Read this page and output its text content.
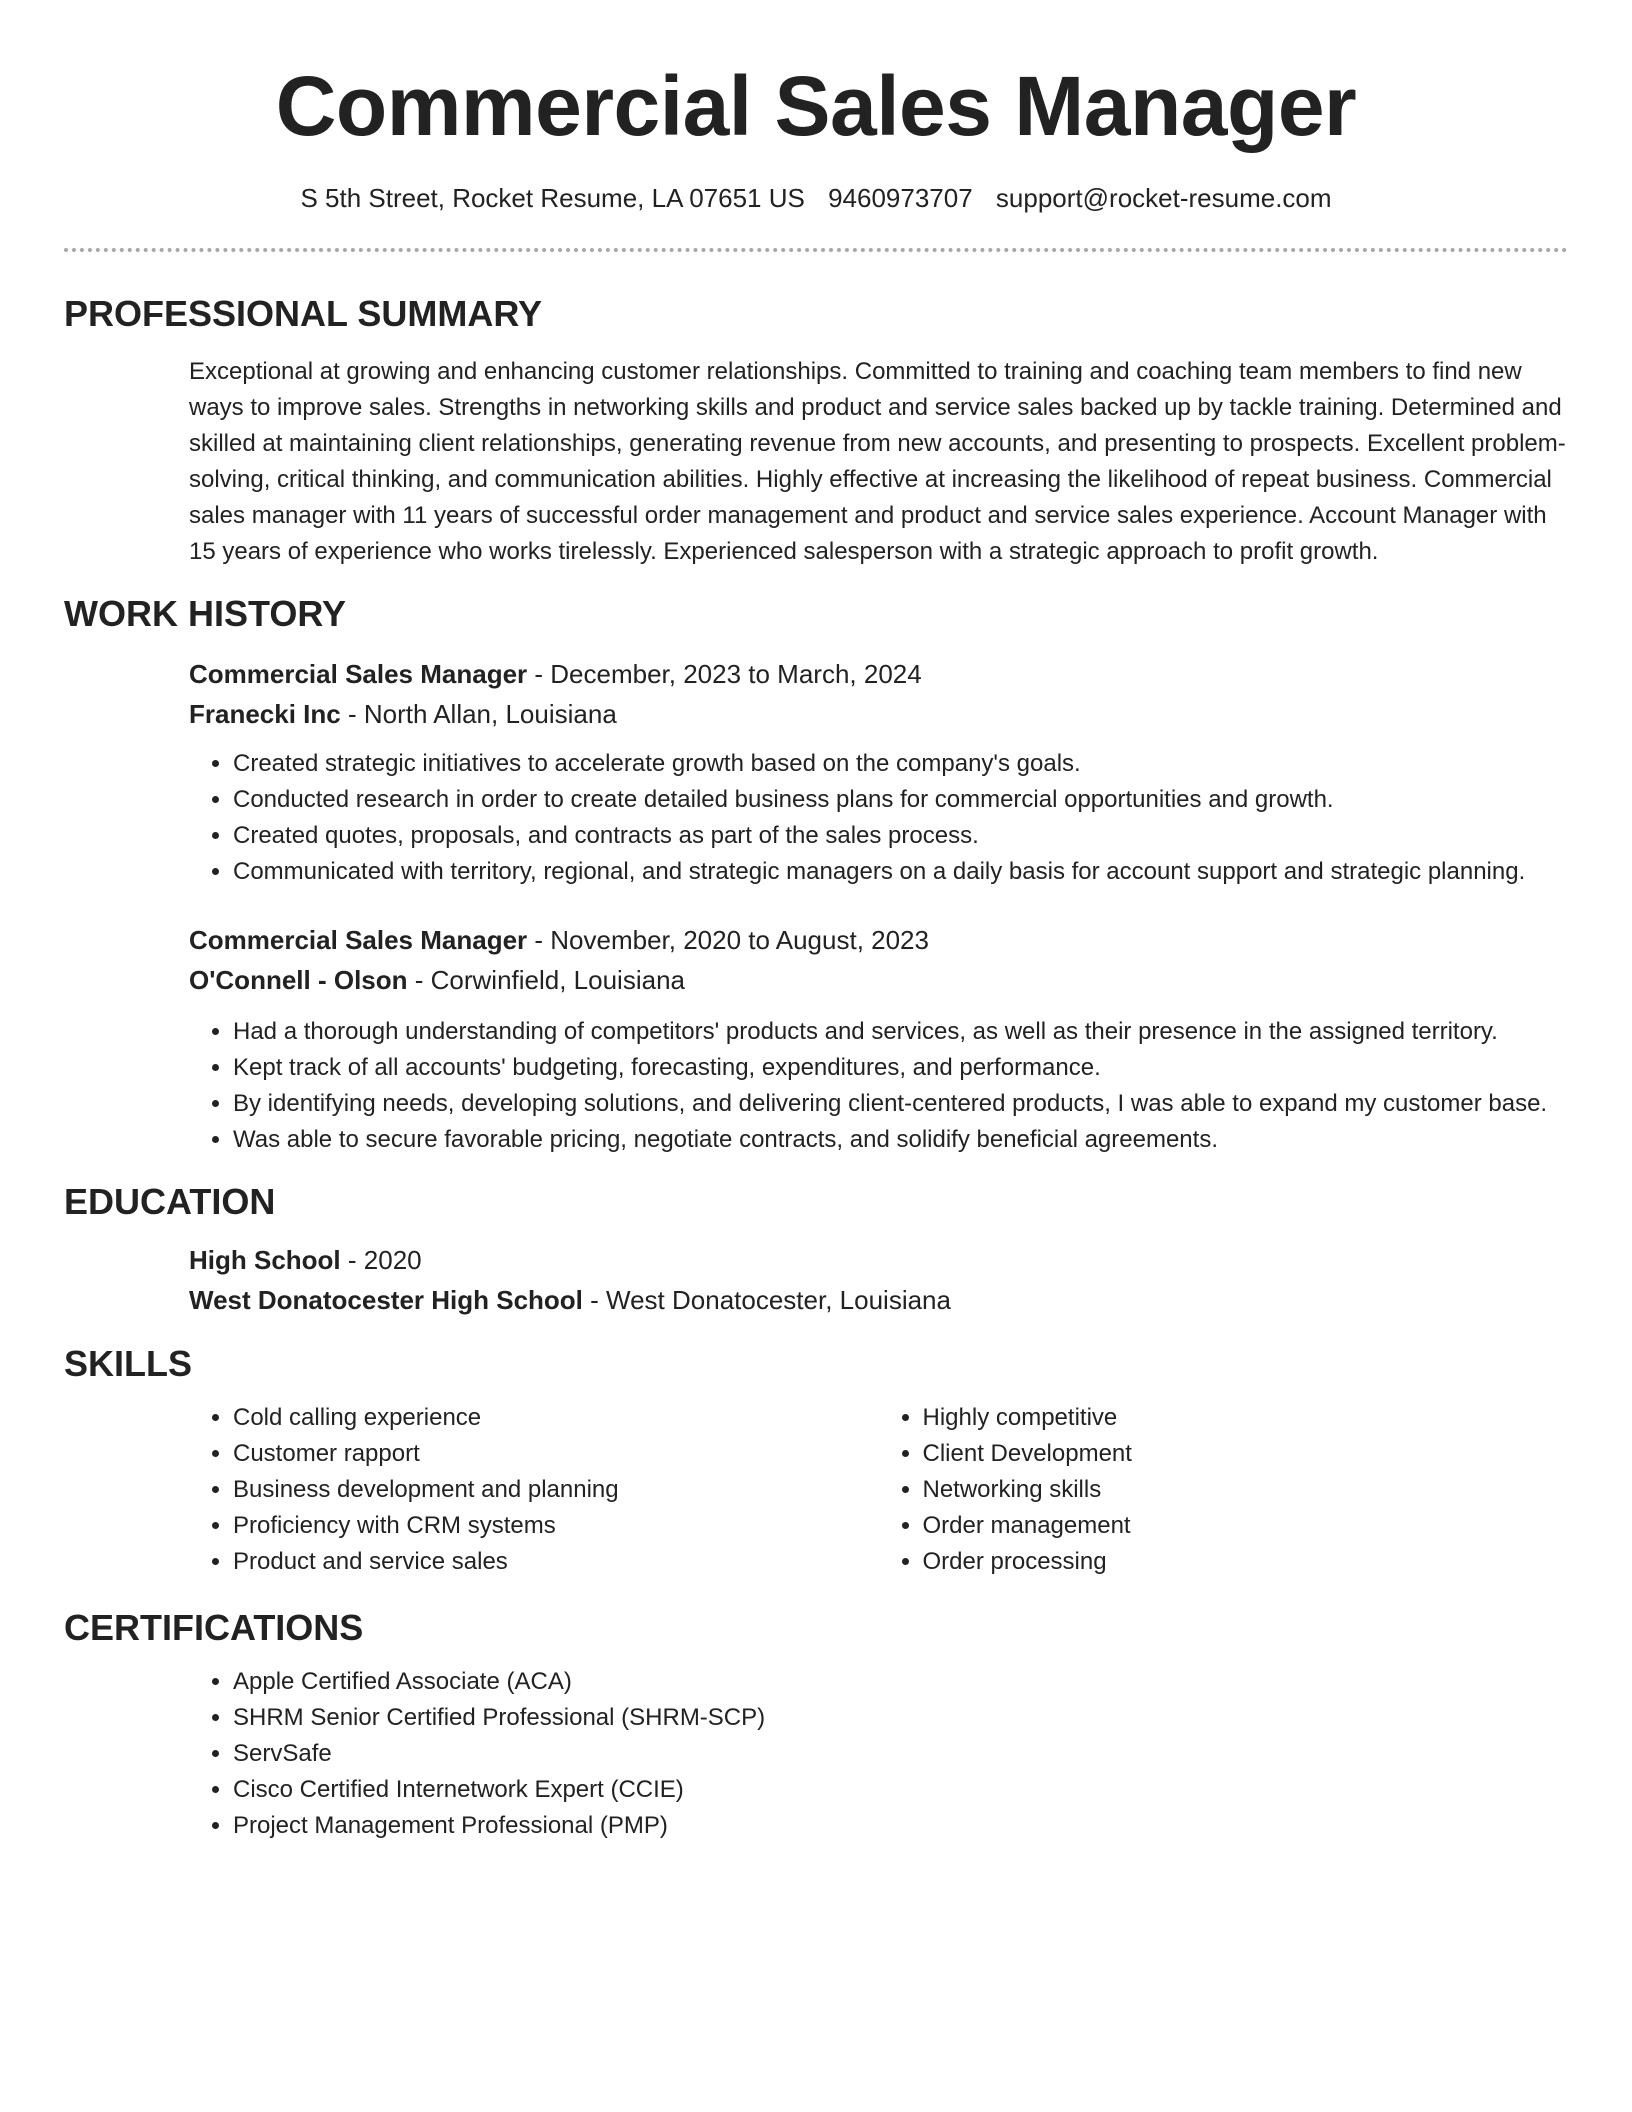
Commercial Sales Manager
S 5th Street, Rocket Resume, LA 07651 US 9460973707 support@rocket-resume.com
PROFESSIONAL SUMMARY

Exceptional at growing and enhancing customer relationships. Committed to training and coaching team members to find new ways to improve sales. Strengths in networking skills and product and service sales backed up by tackle training. Determined and skilled at maintaining client relationships, generating revenue from new accounts, and presenting to prospects. Excellent problem-solving, critical thinking, and communication abilities. Highly effective at increasing the likelihood of repeat business. Commercial sales manager with 11 years of successful order management and product and service sales experience. Account Manager with 15 years of experience who works tirelessly. Experienced salesperson with a strategic approach to profit growth.

WORK HISTORY
Commercial Sales Manager - December, 2023 to March, 2024
Franecki Inc - North Allan, Louisiana
• Created strategic initiatives to accelerate growth based on the company's goals.
• Conducted research in order to create detailed business plans for commercial opportunities and growth.
• Created quotes, proposals, and contracts as part of the sales process.
• Communicated with territory, regional, and strategic managers on a daily basis for account support and strategic planning.
Commercial Sales Manager - November, 2020 to August, 2023
O'Connell - Olson - Corwinfield, Louisiana
• Had a thorough understanding of competitors' products and services, as well as their presence in the assigned territory.
• Kept track of all accounts' budgeting, forecasting, expenditures, and performance.
• By identifying needs, developing solutions, and delivering client-centered products, I was able to expand my customer base.
• Was able to secure favorable pricing, negotiate contracts, and solidify beneficial agreements.
EDUCATION
High School - 2020
West Donatocester High School - West Donatocester, Louisiana
SKILLS
• Cold calling experience
• Customer rapport
• Business development and planning
• Proficiency with CRM systems
• Product and service sales
• Highly competitive
• Client Development
• Networking skills
• Order management
• Order processing
CERTIFICATIONS
• Apple Certified Associate (ACA)
• SHRM Senior Certified Professional (SHRM-SCP)
• ServSafe
• Cisco Certified Internetwork Expert (CCIE)
• Project Management Professional (PMP)
